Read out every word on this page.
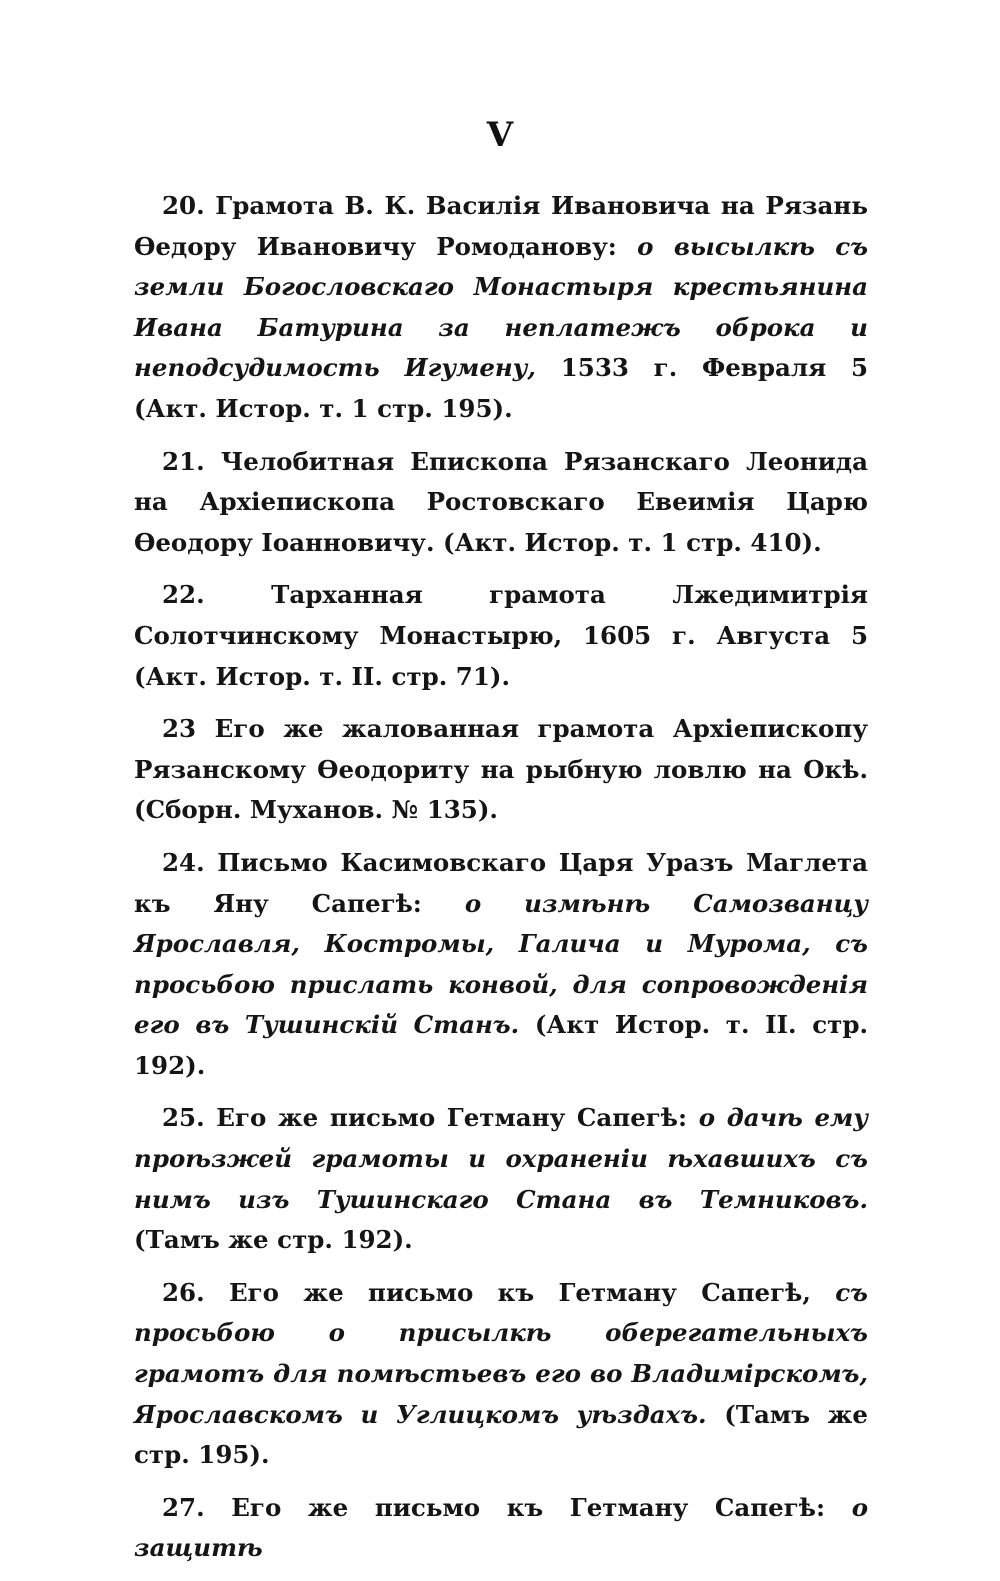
V

20. Грамота В. К. Василія Ивановича на Рязань Өедору Ивановичу Ромоданову: о высылкѣ съ земли Богословскаго Монастыря крестьянина Ивана Батурина за неплатежъ оброка и неподсудимость Игумену, 1533 г. Февраля 5 (Акт. Истор. т. 1 стр. 195).

21. Челобитная Епископа Рязанскаго Леонида на Архіепископа Ростовскаго Евеимія Царю Өеодору Іоанновичу. (Акт. Истор. т. 1 стр. 410).

22.	Тарханная грамота Лжедимитрія Солотчинскому Монастырю, 1605 г. Августа 5 (Акт. Истор. т. II. стр. 71).

23 Его же жалованная грамота Архіепископу Рязанскому Өеодориту на рыбную ловлю на Окѣ. (Сборн. Муханов. № 135).

24. Письмо Касимовскаго Царя Уразъ Маглета къ Яну Сапегѣ: о измѣнѣ Самозванцу Ярославля, Костромы, Галича и Мурома, съ просьбою прислать конвой, для сопровожденія его въ Тушинскій Станъ. (Акт Истор. т. II. стр. 192).

25. Его же письмо Гетману Сапегѣ: о дачѣ ему проѣзжей грамоты и охраненіи ѣхавшихъ съ нимъ изъ Тушинскаго Стана въ Темниковъ. (Тамъ же стр. 192).

26. Его же письмо къ Гетману Сапегѣ, съ просьбою о присылкѣ оберегательныхъ грамотъ для помѣстьевъ его во Владимірскомъ, Ярославскомъ и Углицкомъ уѣздахъ. (Тамъ же стр. 195).

27. Его же письмо къ Гетману Сапегѣ: о защитѣ
